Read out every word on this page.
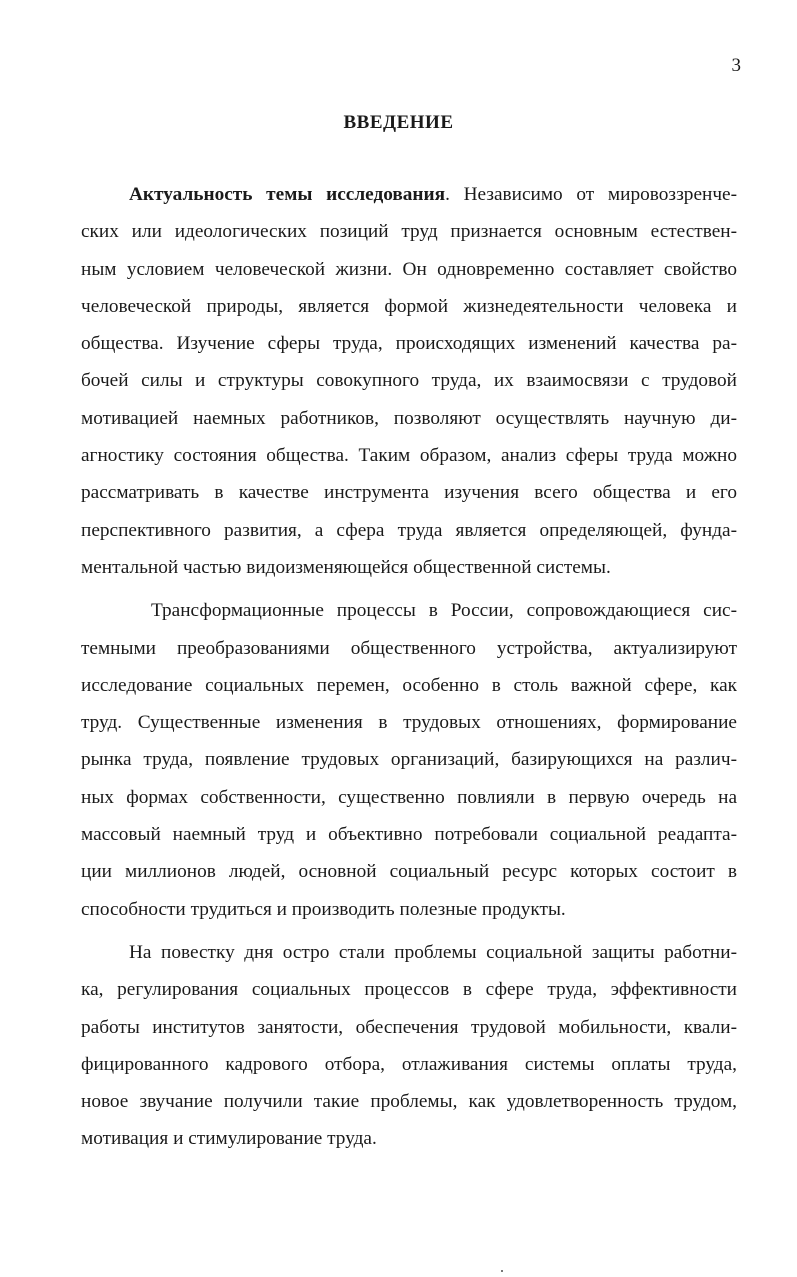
3
ВВЕДЕНИЕ
Актуальность темы исследования. Независимо от мировоззренче-
ских или идеологических позиций труд признается основным естествен-
ным условием человеческой жизни. Он одновременно составляет свойство
человеческой природы, является формой жизнедеятельности человека и
общества. Изучение сферы труда, происходящих изменений качества ра-
бочей силы и структуры совокупного труда, их взаимосвязи с трудовой
мотивацией наемных работников, позволяют осуществлять научную ди-
агностику состояния общества. Таким образом, анализ сферы труда можно
рассматривать в качестве инструмента изучения всего общества и его
перспективного развития, а сфера труда является определяющей, фунда-
ментальной частью видоизменяющейся общественной системы.
Трансформационные процессы в России, сопровождающиеся сис-
темными преобразованиями общественного устройства, актуализируют
исследование социальных перемен, особенно в столь важной сфере, как
труд. Существенные изменения в трудовых отношениях, формирование
рынка труда, появление трудовых организаций, базирующихся на различ-
ных формах собственности, существенно повлияли в первую очередь на
массовый наемный труд и объективно потребовали социальной реадапта-
ции миллионов людей, основной социальный ресурс которых состоит в
способности трудиться и производить полезные продукты.
На повестку дня остро стали проблемы социальной защиты работни-
ка, регулирования социальных процессов в сфере труда, эффективности
работы институтов занятости, обеспечения трудовой мобильности, квали-
фицированного кадрового отбора, отлаживания системы оплаты труда,
новое звучание получили такие проблемы, как удовлетворенность трудом,
мотивация и стимулирование труда.
